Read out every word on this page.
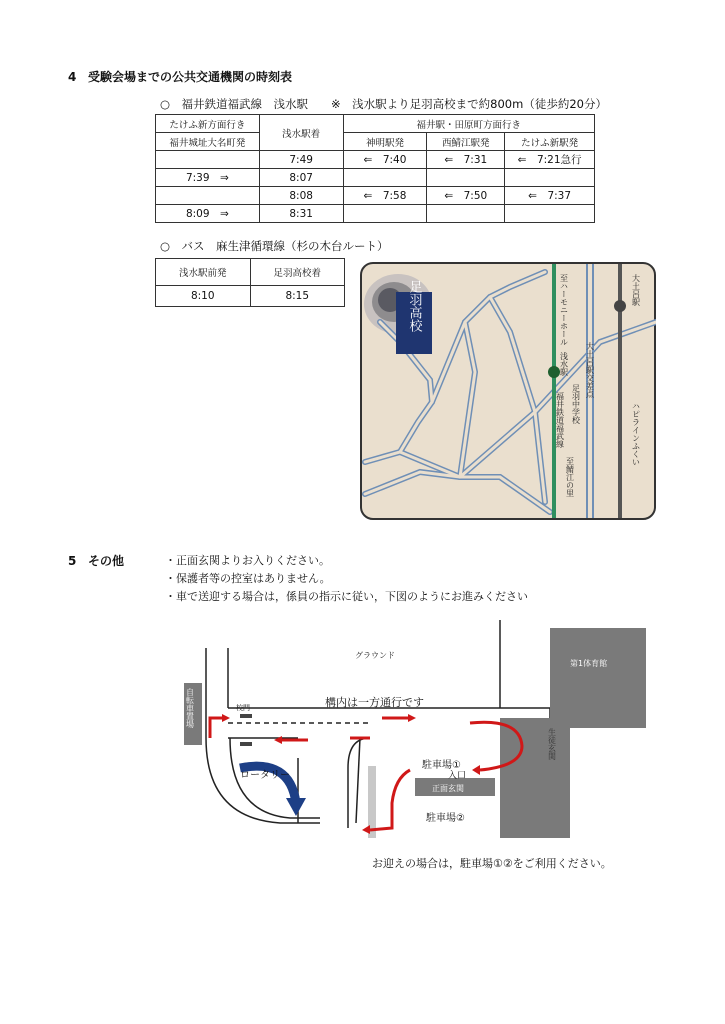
4 受験会場までの公共交通機関の時刻表
○　福井鉄道福武線　浅水駅　　※　浅水駅より足羽高校まで約800m（徒歩約20分）
たけふ新方面行き	浅水駅着	福井駅・田原町方面行き		
福井城址大名町発		神明駅発	西鯖江駅発	たけふ新駅発
	7:49	⇐　7:40	⇐　7:31	⇐　7:21急行
7:39　⇒	8:07			
	8:08	⇐　7:58	⇐　7:50	⇐　7:37
8:09　⇒	8:31			
○　バス　麻生津循環線（杉の木台ルート）
浅水駅前発	足羽高校着
8:10	8:15	足羽高校	至ハーモニーホール
浅水駅 大土呂駅交差点
足羽中学校
福井鉄道福武線
至鯖江の里
大土呂駅
ハピラインふくい
5 その他	・正面玄関よりお入りください。
・保護者等の控室はありません。
・車で送迎する場合は，係員の指示に従い，下図のようにお進みください
自転車置場
グラウンド
構内は一方通行です
校門
ロータリー
駐車場①
駐車場②
入口
正面玄関
生徒玄関
第1体育館
お迎えの場合は，駐車場①②をご利用ください。
